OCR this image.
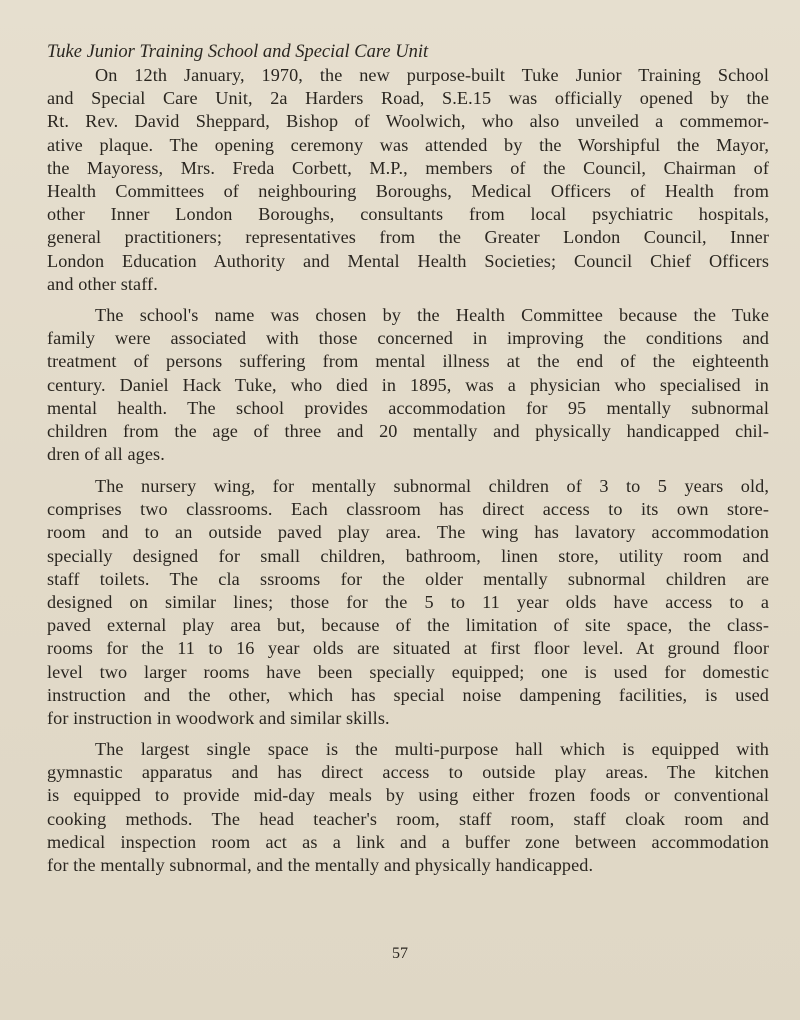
Tuke Junior Training School and Special Care Unit
On 12th January, 1970, the new purpose-built Tuke Junior Training School
and Special Care Unit, 2a Harders Road, S.E.15 was officially opened by the
Rt. Rev. David Sheppard, Bishop of Woolwich, who also unveiled a commemor-
ative plaque. The opening ceremony was attended by the Worshipful the Mayor,
the Mayoress, Mrs. Freda Corbett, M.P., members of the Council, Chairman of
Health Committees of neighbouring Boroughs, Medical Officers of Health from
other Inner London Boroughs, consultants from local psychiatric hospitals,
general practitioners; representatives from the Greater London Council, Inner
London Education Authority and Mental Health Societies; Council Chief Officers
and other staff.
The school's name was chosen by the Health Committee because the Tuke
family were associated with those concerned in improving the conditions and
treatment of persons suffering from mental illness at the end of the eighteenth
century. Daniel Hack Tuke, who died in 1895, was a physician who specialised in
mental health. The school provides accommodation for 95 mentally subnormal
children from the age of three and 20 mentally and physically handicapped chil-
dren of all ages.
The nursery wing, for mentally subnormal children of 3 to 5 years old,
comprises two classrooms. Each classroom has direct access to its own store-
room and to an outside paved play area. The wing has lavatory accommodation
specially designed for small children, bathroom, linen store, utility room and
staff toilets. The cla ssrooms for the older mentally subnormal children are
designed on similar lines; those for the 5 to 11 year olds have access to a
paved external play area but, because of the limitation of site space, the class-
rooms for the 11 to 16 year olds are situated at first floor level. At ground floor
level two larger rooms have been specially equipped; one is used for domestic
instruction and the other, which has special noise dampening facilities, is used
for instruction in woodwork and similar skills.
The largest single space is the multi-purpose hall which is equipped with
gymnastic apparatus and has direct access to outside play areas. The kitchen
is equipped to provide mid-day meals by using either frozen foods or conventional
cooking methods. The head teacher's room, staff room, staff cloak room and
medical inspection room act as a link and a buffer zone between accommodation
for the mentally subnormal, and the mentally and physically handicapped.
57
